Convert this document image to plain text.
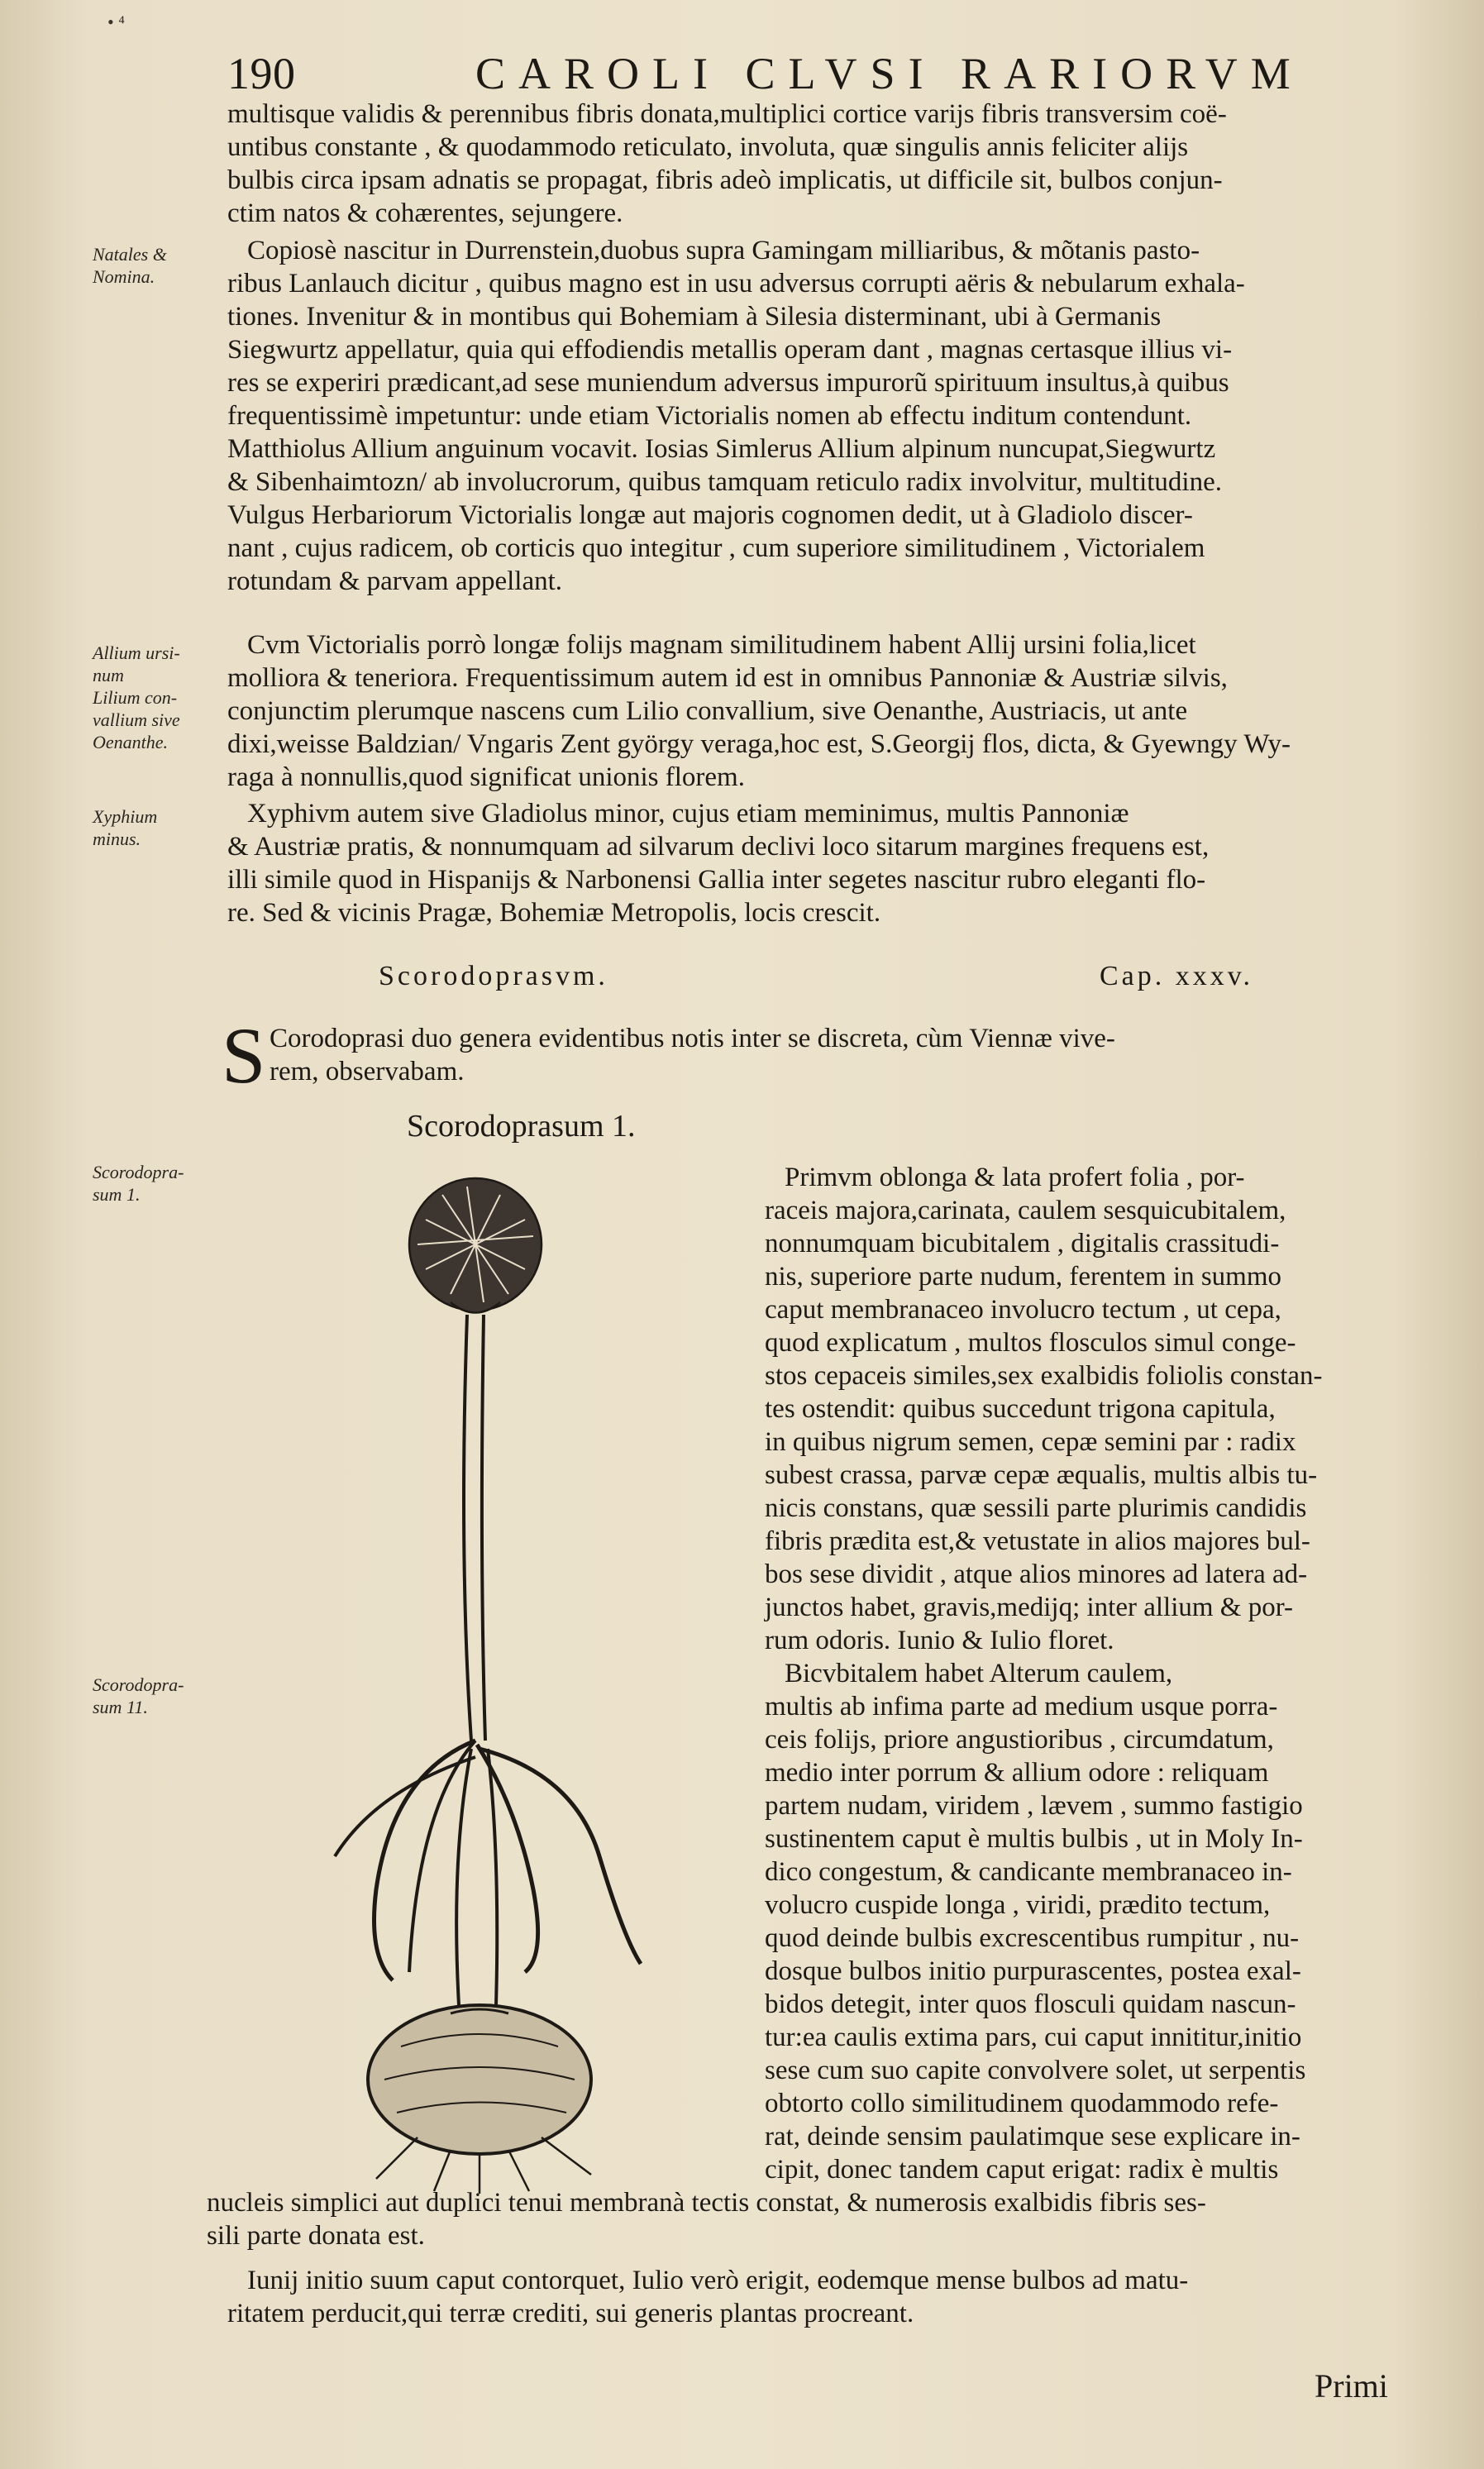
• ⁴
190	CAROLI CLVSI RARIORVM
Natales &
Nomina.
Allium ursi-
num
Lilium con-
vallium sive
Oenanthe.
Xyphium
minus.
Scorodopra-
sum 1.
Scorodopra-
sum 11.
multisque validis & perennibus fibris donata,multiplici cortice varijs fibris transversim coë-
untibus constante , & quodammodo reticulato, involuta, quæ singulis annis feliciter alijs
bulbis circa ipsam adnatis se propagat, fibris adeò implicatis, ut difficile sit, bulbos conjun-
ctim natos & cohærentes, sejungere.
Copiosè nascitur in Durrenstein,duobus supra Gamingam milliaribus, & mõtanis pasto-
ribus Lanlauch dicitur , quibus magno est in usu adversus corrupti aëris & nebularum exhala-
tiones. Invenitur & in montibus qui Bohemiam à Silesia disterminant, ubi à Germanis
Siegwurtz appellatur, quia qui effodiendis metallis operam dant , magnas certasque illius vi-
res se experiri prædicant,ad sese muniendum adversus impurorũ spirituum insultus,à quibus
frequentissimè impetuntur: unde etiam Victorialis nomen ab effectu inditum contendunt.
Matthiolus Allium anguinum vocavit. Iosias Simlerus Allium alpinum nuncupat,Siegwurtz
& Sibenhaimtozn/ ab involucrorum, quibus tamquam reticulo radix involvitur, multitudine.
Vulgus Herbariorum Victorialis longæ aut majoris cognomen dedit, ut à Gladiolo discer-
nant , cujus radicem, ob corticis quo integitur , cum superiore similitudinem , Victorialem
rotundam & parvam appellant.
Cvm Victorialis porrò longæ folijs magnam similitudinem habent Allij ursini folia,licet
molliora & teneriora. Frequentissimum autem id est in omnibus Pannoniæ & Austriæ silvis,
conjunctim plerumque nascens cum Lilio convallium, sive Oenanthe, Austriacis, ut ante
dixi,weisse Baldzian/ Vngaris Zent györgy veraga,hoc est, S.Georgij flos, dicta, & Gyewngy Wy-
raga à nonnullis,quod significat unionis florem.
Xyphivm autem sive Gladiolus minor, cujus etiam meminimus, multis Pannoniæ
& Austriæ pratis, & nonnumquam ad silvarum declivi loco sitarum margines frequens est,
illi simile quod in Hispanijs & Narbonensi Gallia inter segetes nascitur rubro eleganti flo-
re. Sed & vicinis Pragæ, Bohemiæ Metropolis, locis crescit.
Scorodoprasvm.	Cap. xxxv.
S Corodoprasi duo genera evidentibus notis inter se discreta, cùm Viennæ vive-
rem, observabam.
Scorodoprasum 1.
Primvm oblonga & lata profert folia , por-
raceis majora,carinata, caulem sesquicubitalem,
nonnumquam bicubitalem , digitalis crassitudi-
nis, superiore parte nudum, ferentem in summo
caput membranaceo involucro tectum , ut cepa,
quod explicatum , multos flosculos simul conge-
stos cepaceis similes,sex exalbidis foliolis constan-
tes ostendit: quibus succedunt trigona capitula,
in quibus nigrum semen, cepæ semini par : radix
subest crassa, parvæ cepæ æqualis, multis albis tu-
nicis constans, quæ sessili parte plurimis candidis
fibris prædita est,& vetustate in alios majores bul-
bos sese dividit , atque alios minores ad latera ad-
junctos habet, gravis,medijq; inter allium & por-
rum odoris. Iunio & Iulio floret.
Bicvbitalem habet Alterum caulem,
multis ab infima parte ad medium usque porra-
ceis folijs, priore angustioribus , circumdatum,
medio inter porrum & allium odore : reliquam
partem nudam, viridem , lævem , summo fastigio
sustinentem caput è multis bulbis , ut in Moly In-
dico congestum, & candicante membranaceo in-
volucro cuspide longa , viridi, prædito tectum,
quod deinde bulbis excrescentibus rumpitur , nu-
dosque bulbos initio purpurascentes, postea exal-
bidos detegit, inter quos flosculi quidam nascun-
tur:ea caulis extima pars, cui caput innititur,initio
sese cum suo capite convolvere solet, ut serpentis
obtorto collo similitudinem quodammodo refe-
rat, deinde sensim paulatimque sese explicare in-
cipit, donec tandem caput erigat: radix è multis
nucleis simplici aut duplici tenui membranà tectis constat, & numerosis exalbidis fibris ses-
sili parte donata est.
Iunij initio suum caput contorquet, Iulio verò erigit, eodemque mense bulbos ad matu-
ritatem perducit,qui terræ crediti, sui generis plantas procreant.
Primi
